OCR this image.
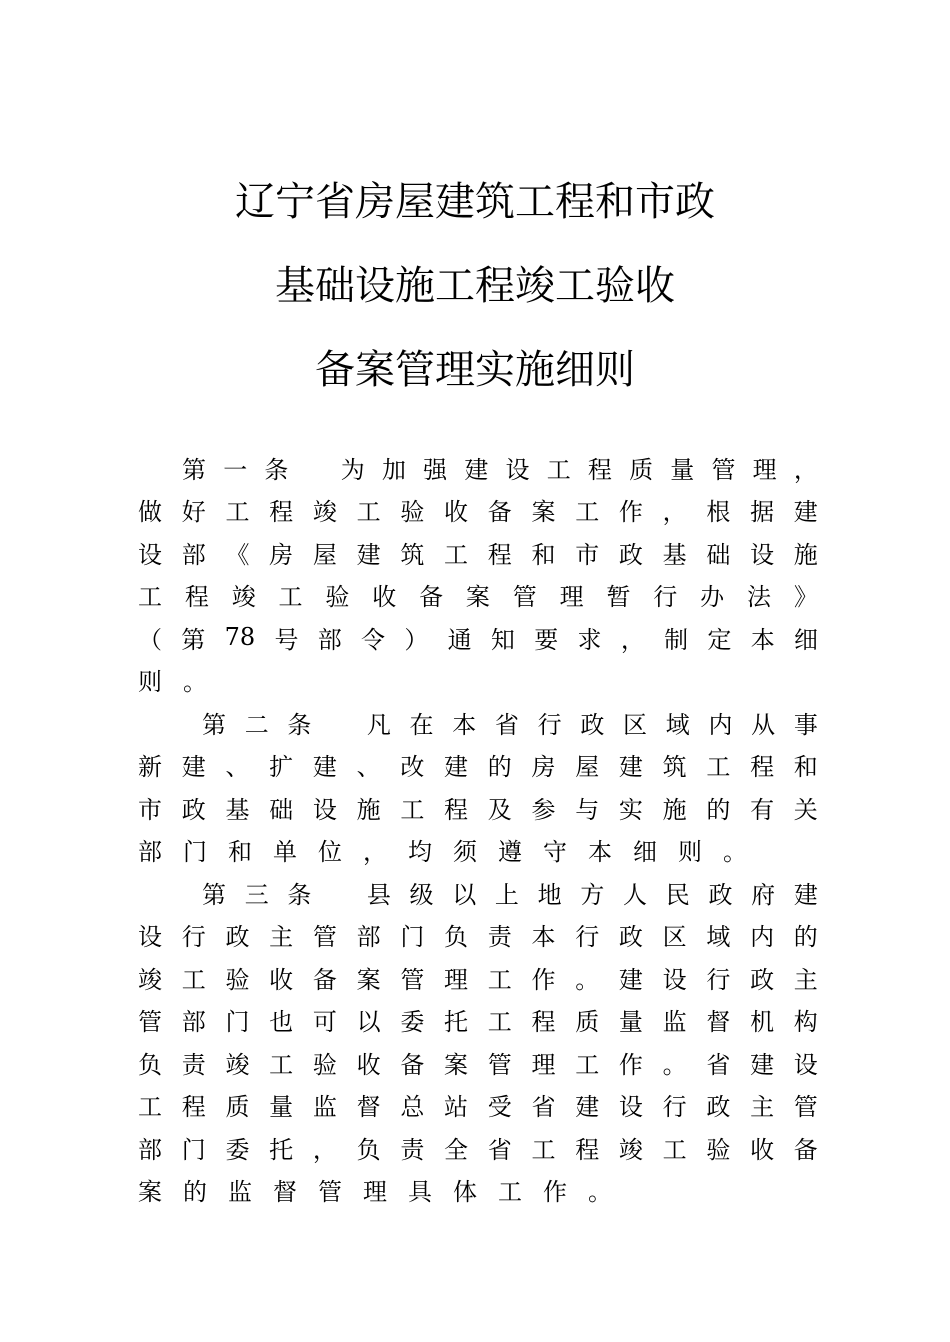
辽宁省房屋建筑工程和市政
基础设施工程竣工验收
备案管理实施细则
第 一 条 为 加 强 建 设 工 程 质 量 管 理 ，
做 好 工 程 竣 工 验 收 备 案 工 作 ， 根 据 建
设 部 《 房 屋 建 筑 工 程 和 市 政 基 础 设 施
工 程 竣 工 验 收 备 案 管 理 暂 行 办 法 》
（ 第 78 号 部 令 ） 通 知 要 求 ， 制 定 本 细
则 。
第 二 条 凡 在 本 省 行 政 区 域 内 从 事
新 建 、 扩 建 、 改 建 的 房 屋 建 筑 工 程 和
市 政 基 础 设 施 工 程 及 参 与 实 施 的 有 关
部 门 和 单 位 ， 均 须 遵 守 本 细 则 。
第 三 条 县 级 以 上 地 方 人 民 政 府 建
设 行 政 主 管 部 门 负 责 本 行 政 区 域 内 的
竣 工 验 收 备 案 管 理 工 作 。 建 设 行 政 主
管 部 门 也 可 以 委 托 工 程 质 量 监 督 机 构
负 责 竣 工 验 收 备 案 管 理 工 作 。 省 建 设
工 程 质 量 监 督 总 站 受 省 建 设 行 政 主 管
部 门 委 托 ， 负 责 全 省 工 程 竣 工 验 收 备
案 的 监 督 管 理 具 体 工 作 。
